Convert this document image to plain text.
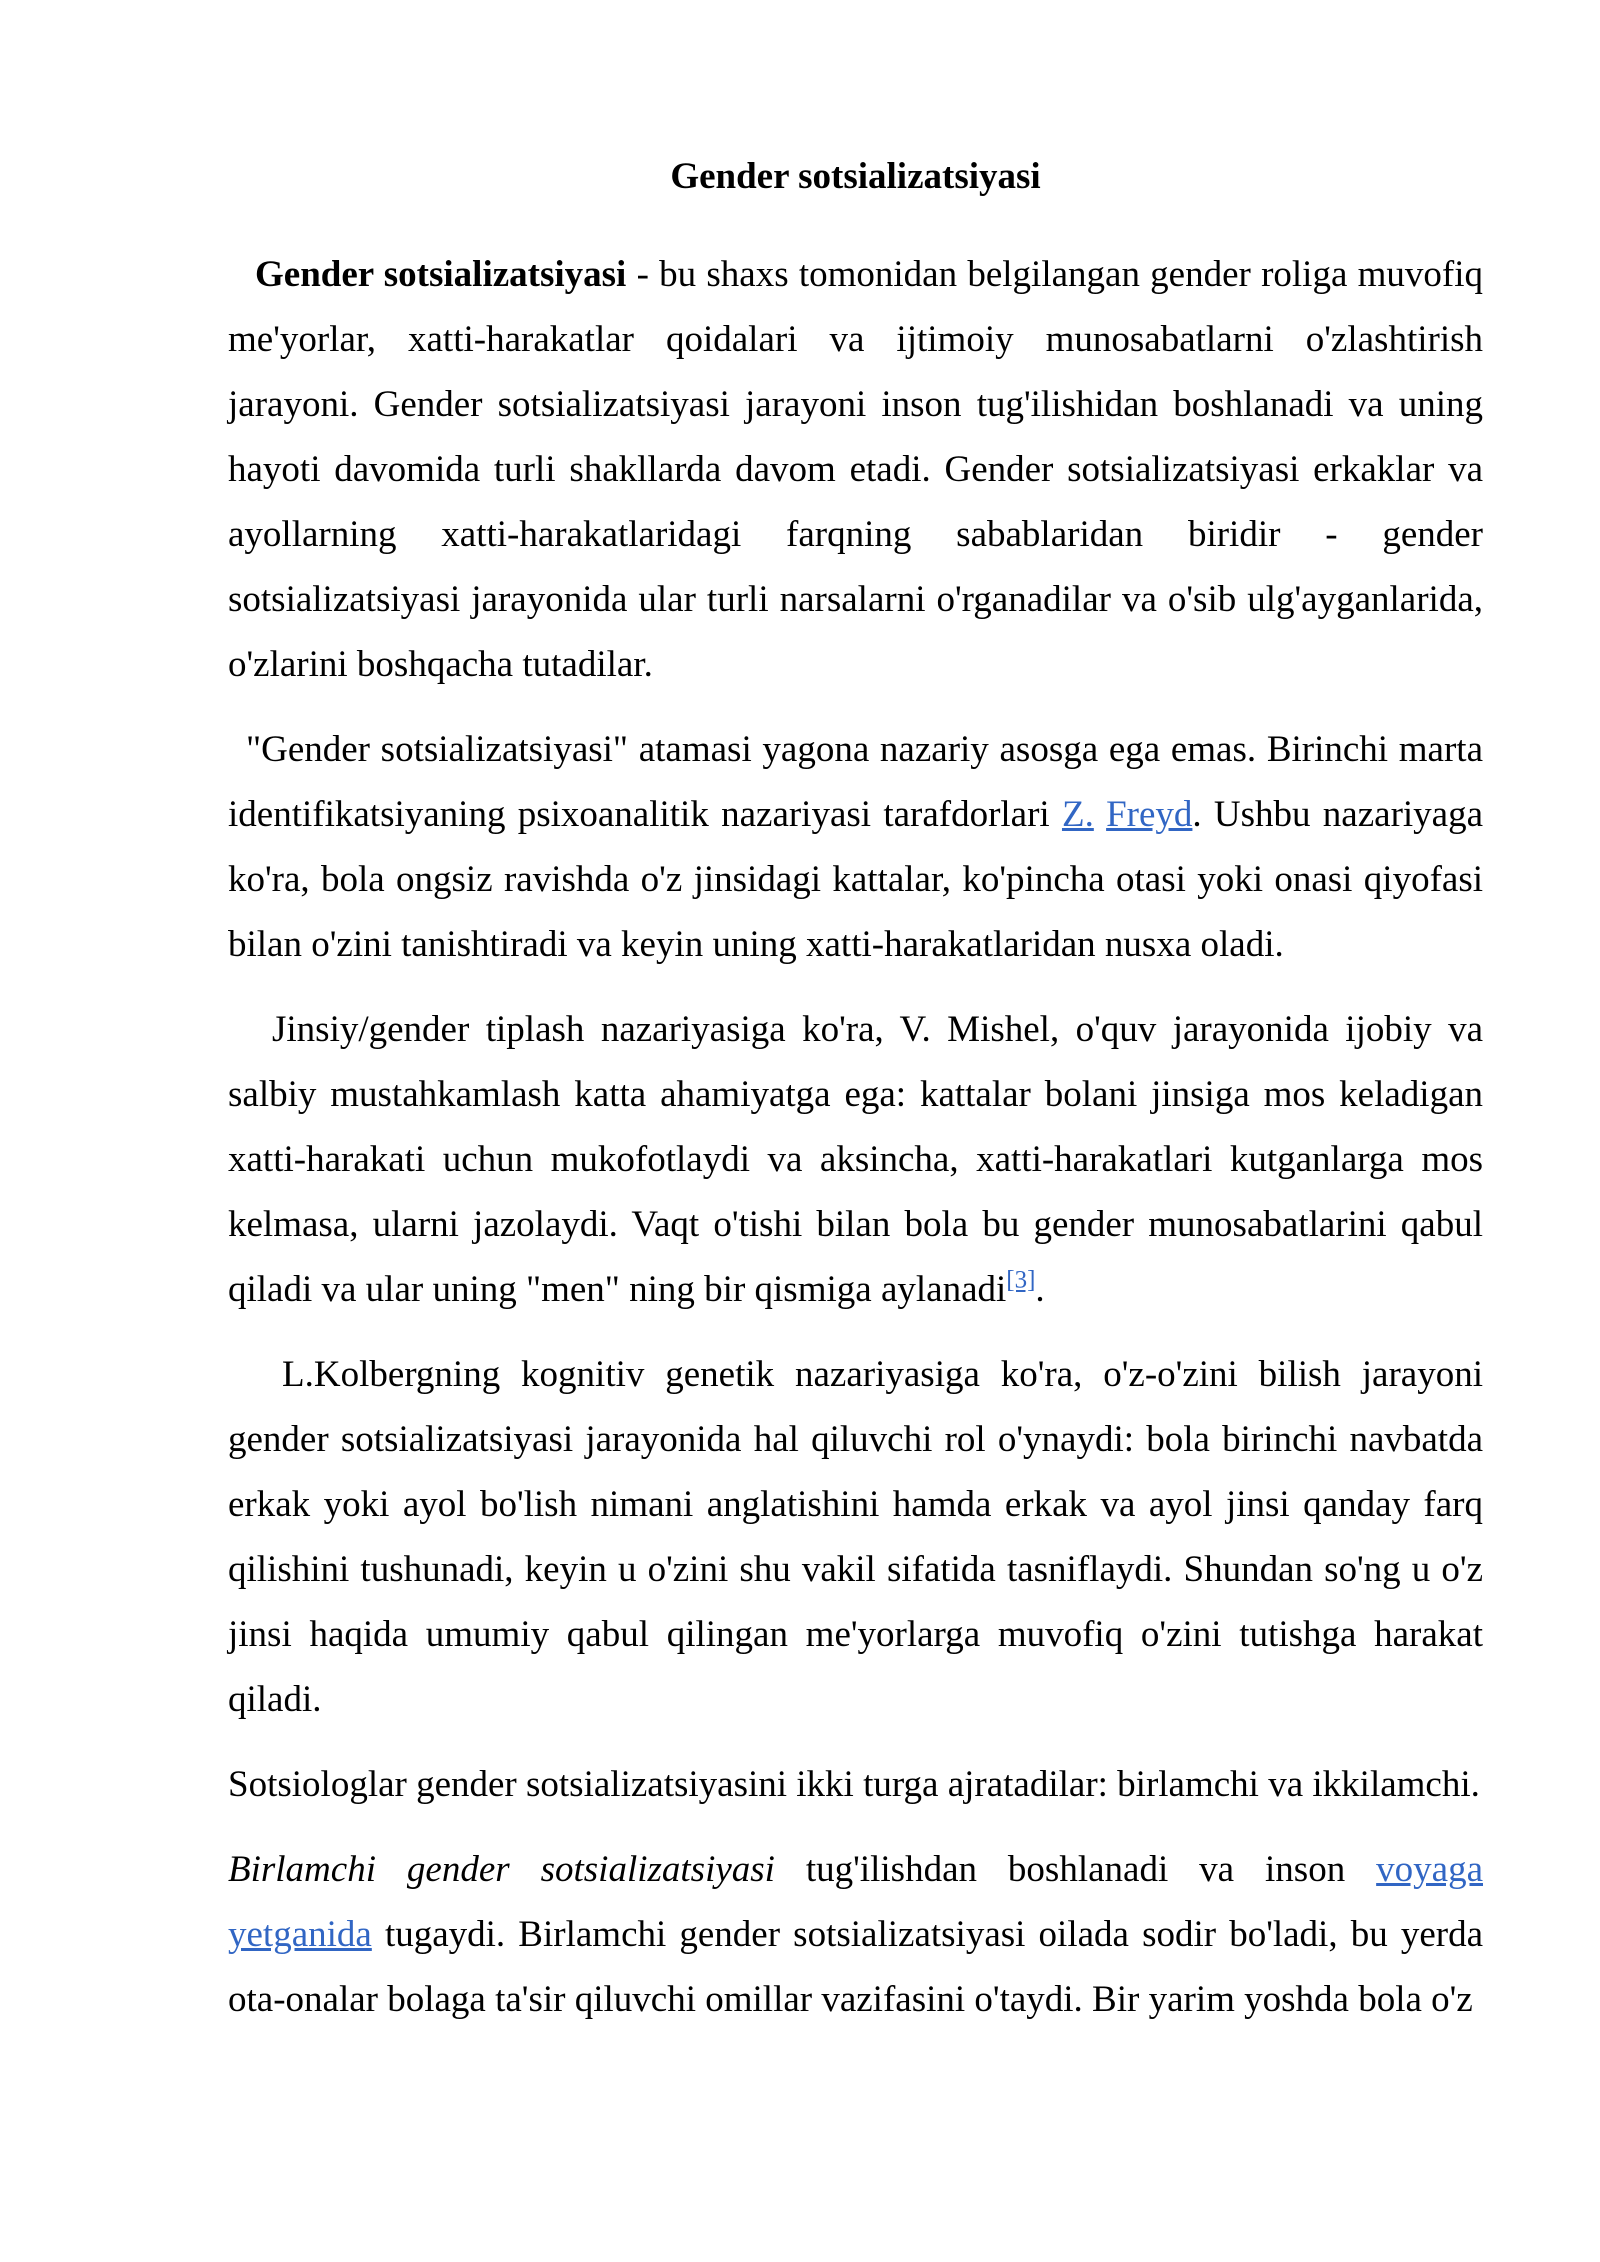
Gender sotsializatsiyasi

Gender sotsializatsiyasi - bu shaxs tomonidan belgilangan gender roliga muvofiq me'yorlar, xatti-harakatlar qoidalari va ijtimoiy munosabatlarni o'zlashtirish jarayoni. Gender sotsializatsiyasi jarayoni inson tug'ilishidan boshlanadi va uning hayoti davomida turli shakllarda davom etadi. Gender sotsializatsiyasi erkaklar va ayollarning xatti-harakatlaridagi farqning sabablaridan biridir - gender sotsializatsiyasi jarayonida ular turli narsalarni o'rganadilar va o'sib ulg'ayganlarida, o'zlarini boshqacha tutadilar.

"Gender sotsializatsiyasi" atamasi yagona nazariy asosga ega emas. Birinchi marta identifikatsiyaning psixoanalitik nazariyasi tarafdorlari Z. Freyd. Ushbu nazariyaga ko'ra, bola ongsiz ravishda o'z jinsidagi kattalar, ko'pincha otasi yoki onasi qiyofasi bilan o'zini tanishtiradi va keyin uning xatti-harakatlaridan nusxa oladi.

Jinsiy/gender tiplash nazariyasiga ko'ra, V. Mishel, o'quv jarayonida ijobiy va salbiy mustahkamlash katta ahamiyatga ega: kattalar bolani jinsiga mos keladigan xatti-harakati uchun mukofotlaydi va aksincha, xatti-harakatlari kutganlarga mos kelmasa, ularni jazolaydi. Vaqt o'tishi bilan bola bu gender munosabatlarini qabul qiladi va ular uning "men" ning bir qismiga aylanadi[3].

L.Kolbergning kognitiv genetik nazariyasiga ko'ra, o'z-o'zini bilish jarayoni gender sotsializatsiyasi jarayonida hal qiluvchi rol o'ynaydi: bola birinchi navbatda erkak yoki ayol bo'lish nimani anglatishini hamda erkak va ayol jinsi qanday farq qilishini tushunadi, keyin u o'zini shu vakil sifatida tasniflaydi. Shundan so'ng u o'z jinsi haqida umumiy qabul qilingan me'yorlarga muvofiq o'zini tutishga harakat qiladi.

Sotsiologlar gender sotsializatsiyasini ikki turga ajratadilar: birlamchi va ikkilamchi.

Birlamchi gender sotsializatsiyasi tug'ilishdan boshlanadi va inson voyaga yetganida tugaydi. Birlamchi gender sotsializatsiyasi oilada sodir bo'ladi, bu yerda ota-onalar bolaga ta'sir qiluvchi omillar vazifasini o'taydi. Bir yarim yoshda bola o'z
